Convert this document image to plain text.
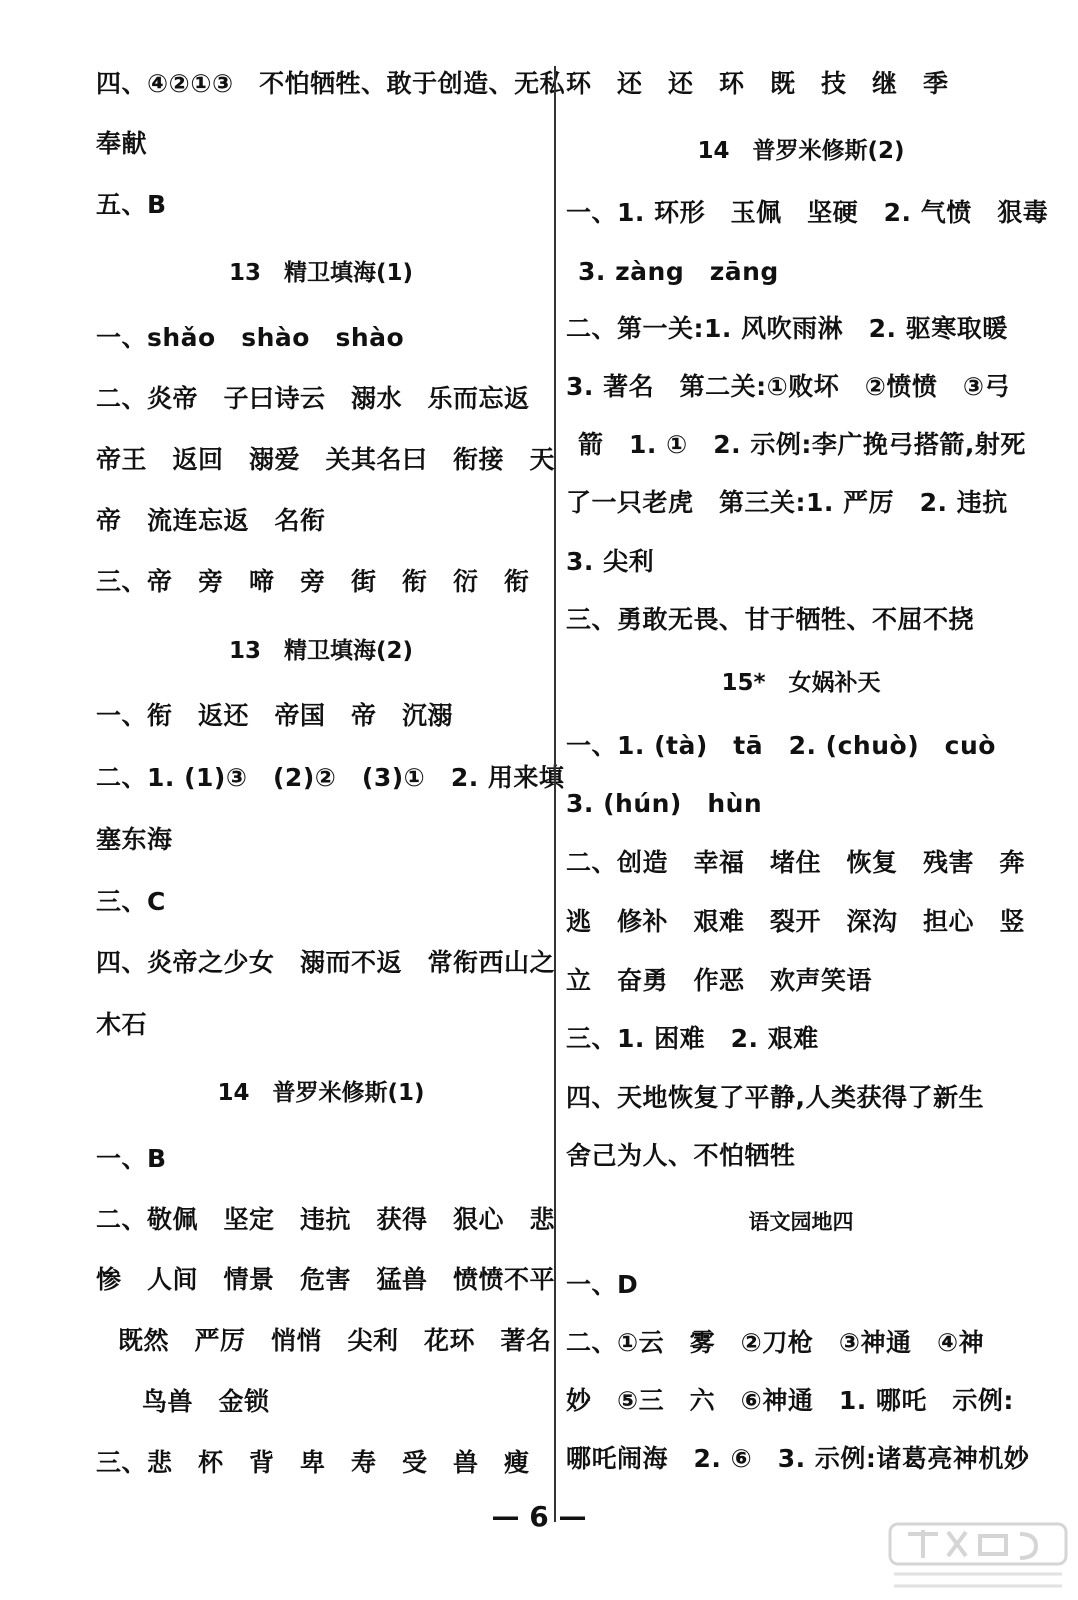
四、④②①③　不怕牺牲、敢于创造、无私
奉献
五、B
13　精卫填海(1)
一、shǎo　shào　shào
二、炎帝　子曰诗云　溺水　乐而忘返
帝王　返回　溺爱　关其名曰　衔接　天
帝　流连忘返　名衔
三、帝　旁　啼　旁　街　衔　衍　衔
13　精卫填海(2)
一、衔　返还　帝国　帝　沉溺
二、1. (1)③　(2)②　(3)①　2. 用来填
塞东海
三、C
四、炎帝之少女　溺而不返　常衔西山之
木石
14　普罗米修斯(1)
一、B
二、敬佩　坚定　违抗　获得　狠心　悲
惨　人间　情景　危害　猛兽　愤愤不平
既然　严厉　悄悄　尖利　花环　著名
鸟兽　金锁
三、悲　杯　背　卑　寿　受　兽　瘦
环　还　还　环　既　技　继　季
14　普罗米修斯(2)
一、1. 环形　玉佩　坚硬　2. 气愤　狠毒
3. zàng　zāng
二、第一关:1. 风吹雨淋　2. 驱寒取暖
3. 著名　第二关:①败坏　②愤愤　③弓
箭　1. ①　2. 示例:李广挽弓搭箭,射死
了一只老虎　第三关:1. 严厉　2. 违抗
3. 尖利
三、勇敢无畏、甘于牺牲、不屈不挠
15*　女娲补天
一、1. (tà)　tā　2. (chuò)　cuò
3. (hún)　hùn
二、创造　幸福　堵住　恢复　残害　奔
逃　修补　艰难　裂开　深沟　担心　竖
立　奋勇　作恶　欢声笑语
三、1. 困难　2. 艰难
四、天地恢复了平静,人类获得了新生
舍己为人、不怕牺牲
语文园地四
一、D
二、①云　雾　②刀枪　③神通　④神
妙　⑤三　六　⑥神通　1. 哪吒　示例:
哪吒闹海　2. ⑥　3. 示例:诸葛亮神机妙
— 6 —
